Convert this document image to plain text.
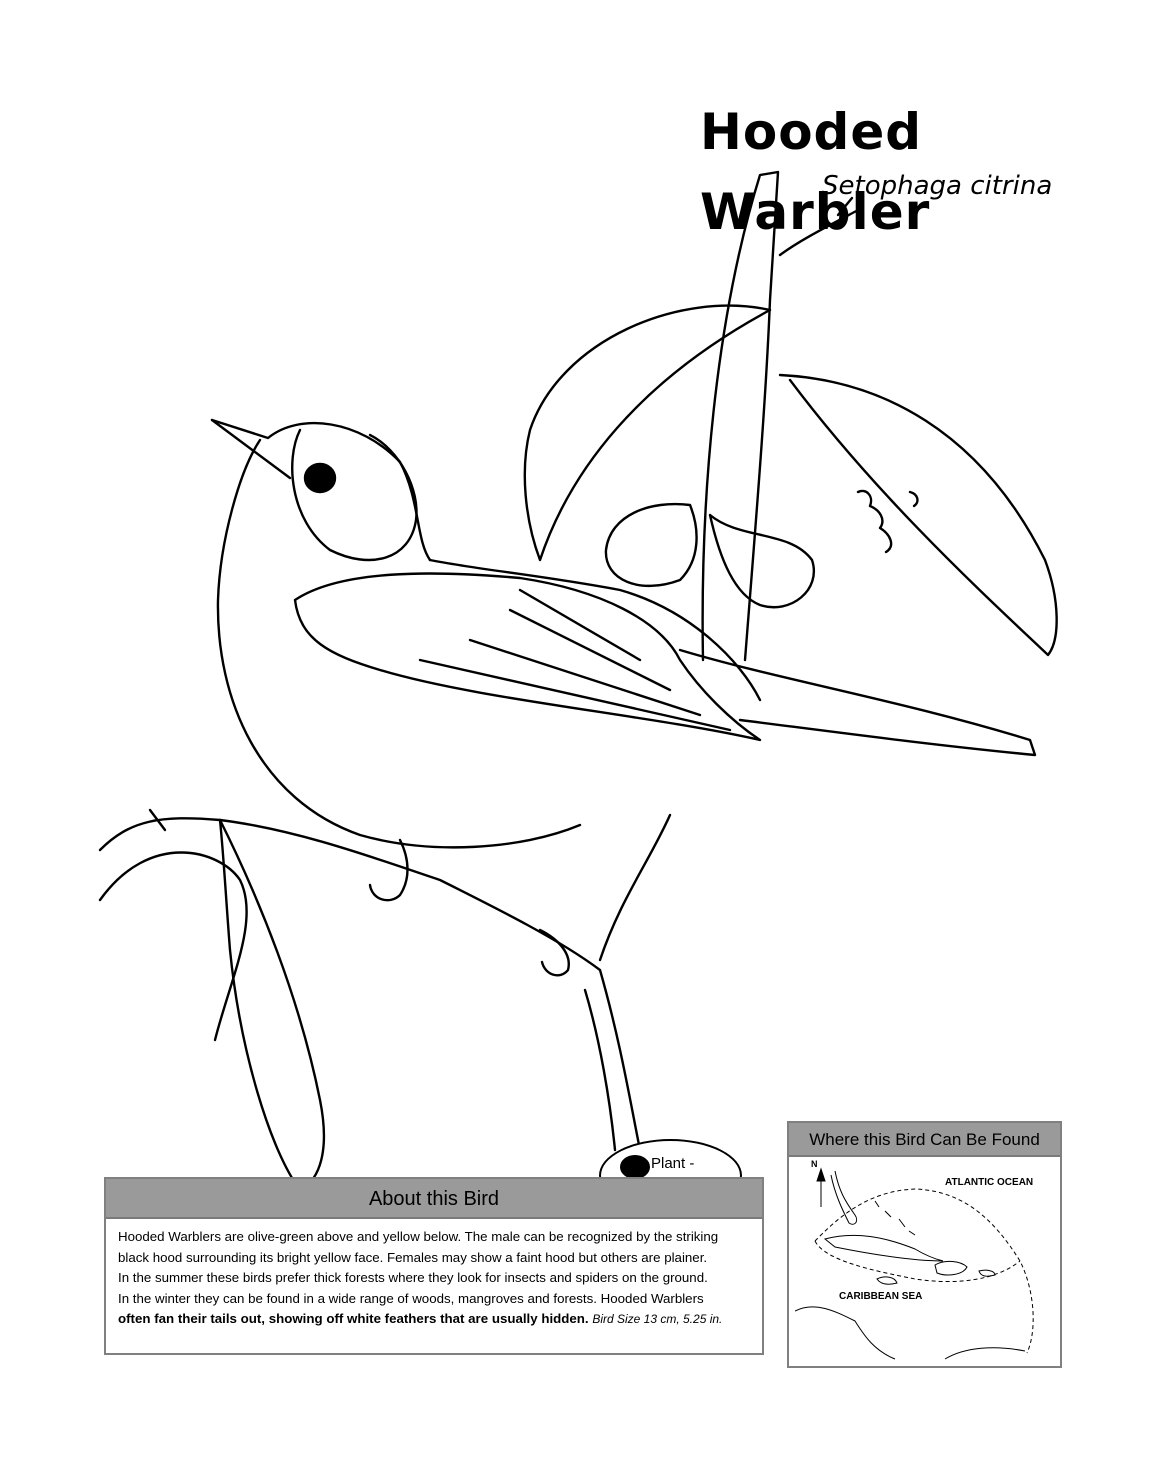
Hooded Warbler
Setophaga citrina
Plant -
About this Bird
Hooded Warblers are olive-green above and yellow below. The male can be recognized by the striking
black hood surrounding its bright yellow face. Females may show a faint hood but others are plainer.
In the summer these birds prefer thick forests where they look for insects and spiders on the ground.
In the winter they can be found in a wide range of woods, mangroves and forests. Hooded Warblers
often fan their tails out, showing off white feathers that are usually hidden. Bird Size 13 cm, 5.25 in.
Where this Bird Can Be Found
N
ATLANTIC OCEAN
CARIBBEAN SEA
